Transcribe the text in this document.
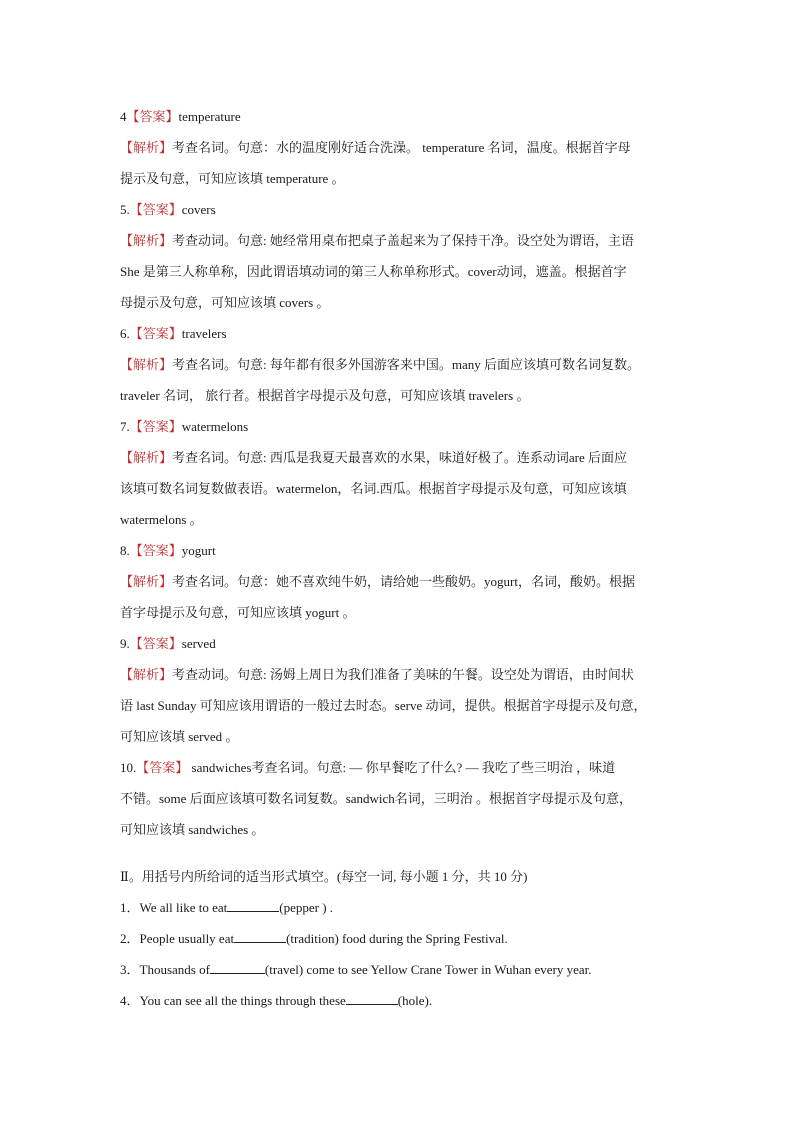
4【答案】temperature
【解析】考查名词。句意：水的温度刚好适合洗澡。 temperature 名词，温度。根据首字母
提示及句意，可知应该填 temperature 。
5.【答案】covers
【解析】考查动词。句意: 她经常用桌布把桌子盖起来为了保持干净。设空处为谓语，主语
She 是第三人称单称，因此谓语填动词的第三人称单称形式。cover动词，遮盖。根据首字
母提示及句意，可知应该填 covers 。
6.【答案】travelers
【解析】考查名词。句意: 每年都有很多外国游客来中国。many 后面应该填可数名词复数。
traveler 名词， 旅行者。根据首字母提示及句意，可知应该填 travelers 。
7.【答案】watermelons
【解析】考查名词。句意: 西瓜是我夏天最喜欢的水果，味道好极了。连系动词are 后面应
该填可数名词复数做表语。watermelon，名词.西瓜。根据首字母提示及句意，可知应该填
watermelons 。
8.【答案】yogurt
【解析】考查名词。句意：她不喜欢纯牛奶，请给她一些酸奶。yogurt，名词，酸奶。根据
首字母提示及句意，可知应该填 yogurt 。
9.【答案】served
【解析】考查动词。句意: 汤姆上周日为我们准备了美味的午餐。设空处为谓语，由时间状
语 last Sunday 可知应该用谓语的一般过去时态。serve 动词，提供。根据首字母提示及句意，
可知应该填 served 。
10.【答案】 sandwiches考查名词。句意: — 你早餐吃了什么? — 我吃了些三明治 ，味道
不错。some 后面应该填可数名词复数。sandwich名词，三明治 。根据首字母提示及句意，
可知应该填 sandwiches 。
Ⅱ。用括号内所给词的适当形式填空。(每空一词, 每小题 1 分，共 10 分)
1．We all like to eat	(pepper ) .
2．People usually eat	(tradition) food during the Spring Festival.
3．Thousands of	(travel) come to see Yellow Crane Tower in Wuhan every year.
4．You can see all the things through these	(hole).
